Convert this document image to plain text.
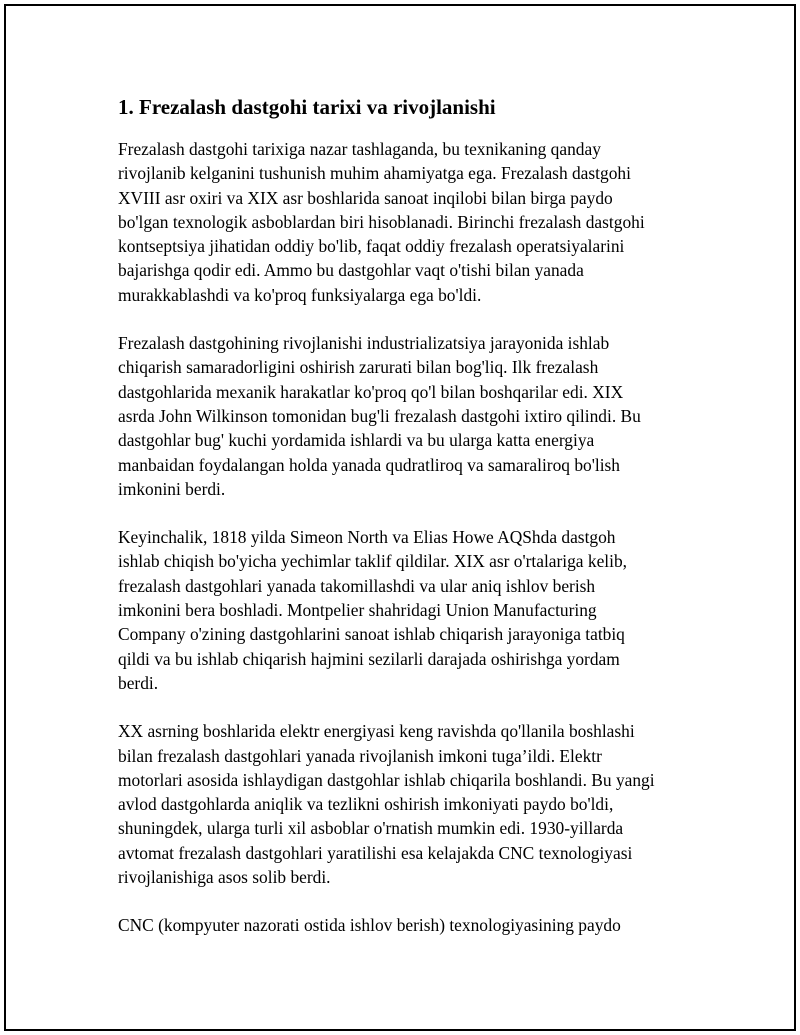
1. Frezalash dastgohi tarixi va rivojlanishi
Frezalash dastgohi tarixiga nazar tashlaganda, bu texnikaning qanday
rivojlanib kelganini tushunish muhim ahamiyatga ega. Frezalash dastgohi
XVIII asr oxiri va XIX asr boshlarida sanoat inqilobi bilan birga paydo
bo'lgan texnologik asboblardan biri hisoblanadi. Birinchi frezalash dastgohi
kontseptsiya jihatidan oddiy bo'lib, faqat oddiy frezalash operatsiyalarini
bajarishga qodir edi. Ammo bu dastgohlar vaqt o'tishi bilan yanada
murakkablashdi va ko'proq funksiyalarga ega bo'ldi.
Frezalash dastgohining rivojlanishi industrializatsiya jarayonida ishlab
chiqarish samaradorligini oshirish zarurati bilan bog'liq. Ilk frezalash
dastgohlarida mexanik harakatlar ko'proq qo'l bilan boshqarilar edi. XIX
asrda John Wilkinson tomonidan bug'li frezalash dastgohi ixtiro qilindi. Bu
dastgohlar bug' kuchi yordamida ishlardi va bu ularga katta energiya
manbaidan foydalangan holda yanada qudratliroq va samaraliroq bo'lish
imkonini berdi.
Keyinchalik, 1818 yilda Simeon North va Elias Howe AQShda dastgoh
ishlab chiqish bo'yicha yechimlar taklif qildilar. XIX asr o'rtalariga kelib,
frezalash dastgohlari yanada takomillashdi va ular aniq ishlov berish
imkonini bera boshladi. Montpelier shahridagi Union Manufacturing
Company o'zining dastgohlarini sanoat ishlab chiqarish jarayoniga tatbiq
qildi va bu ishlab chiqarish hajmini sezilarli darajada oshirishga yordam
berdi.
XX asrning boshlarida elektr energiyasi keng ravishda qo'llanila boshlashi
bilan frezalash dastgohlari yanada rivojlanish imkoni tuga’ildi. Elektr
motorlari asosida ishlaydigan dastgohlar ishlab chiqarila boshlandi. Bu yangi
avlod dastgohlarda aniqlik va tezlikni oshirish imkoniyati paydo bo'ldi,
shuningdek, ularga turli xil asboblar o'rnatish mumkin edi. 1930-yillarda
avtomat frezalash dastgohlari yaratilishi esa kelajakda CNC texnologiyasi
rivojlanishiga asos solib berdi.
CNC (kompyuter nazorati ostida ishlov berish) texnologiyasining paydo
